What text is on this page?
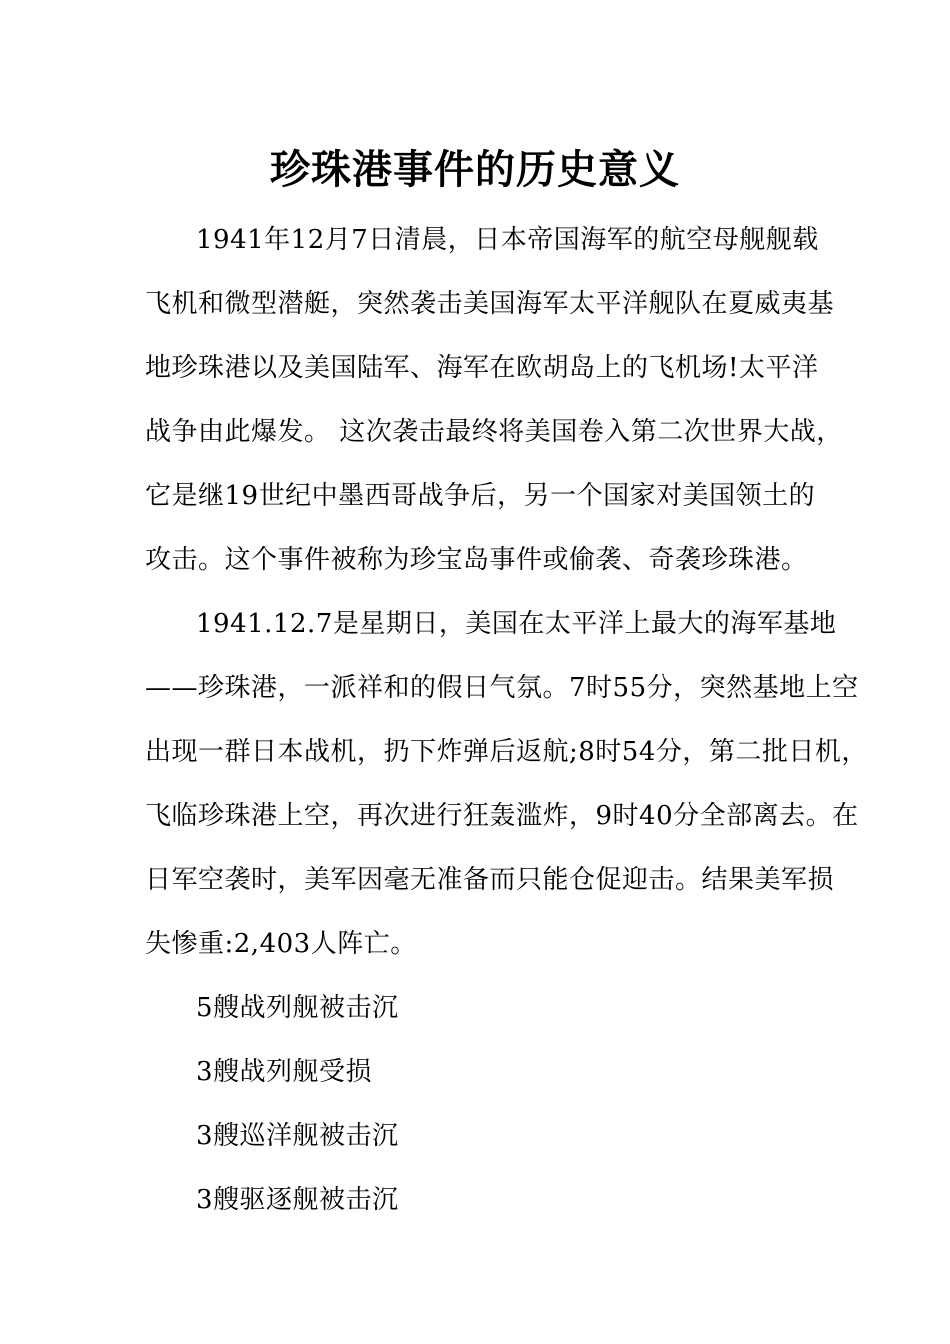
珍珠港事件的历史意义
1941年12月7日清晨，日本帝国海军的航空母舰舰载
飞机和微型潜艇，突然袭击美国海军太平洋舰队在夏威夷基
地珍珠港以及美国陆军、海军在欧胡岛上的飞机场!太平洋
战争由此爆发。 这次袭击最终将美国卷入第二次世界大战，
它是继19世纪中墨西哥战争后，另一个国家对美国领土的
攻击。这个事件被称为珍宝岛事件或偷袭、奇袭珍珠港。
1941.12.7是星期日，美国在太平洋上最大的海军基地
——珍珠港，一派祥和的假日气氛。7时55分，突然基地上空
出现一群日本战机，扔下炸弹后返航;8时54分，第二批日机，
飞临珍珠港上空，再次进行狂轰滥炸，9时40分全部离去。在
日军空袭时，美军因毫无准备而只能仓促迎击。结果美军损
失惨重:2,403人阵亡。
5艘战列舰被击沉
3艘战列舰受损
3艘巡洋舰被击沉
3艘驱逐舰被击沉
